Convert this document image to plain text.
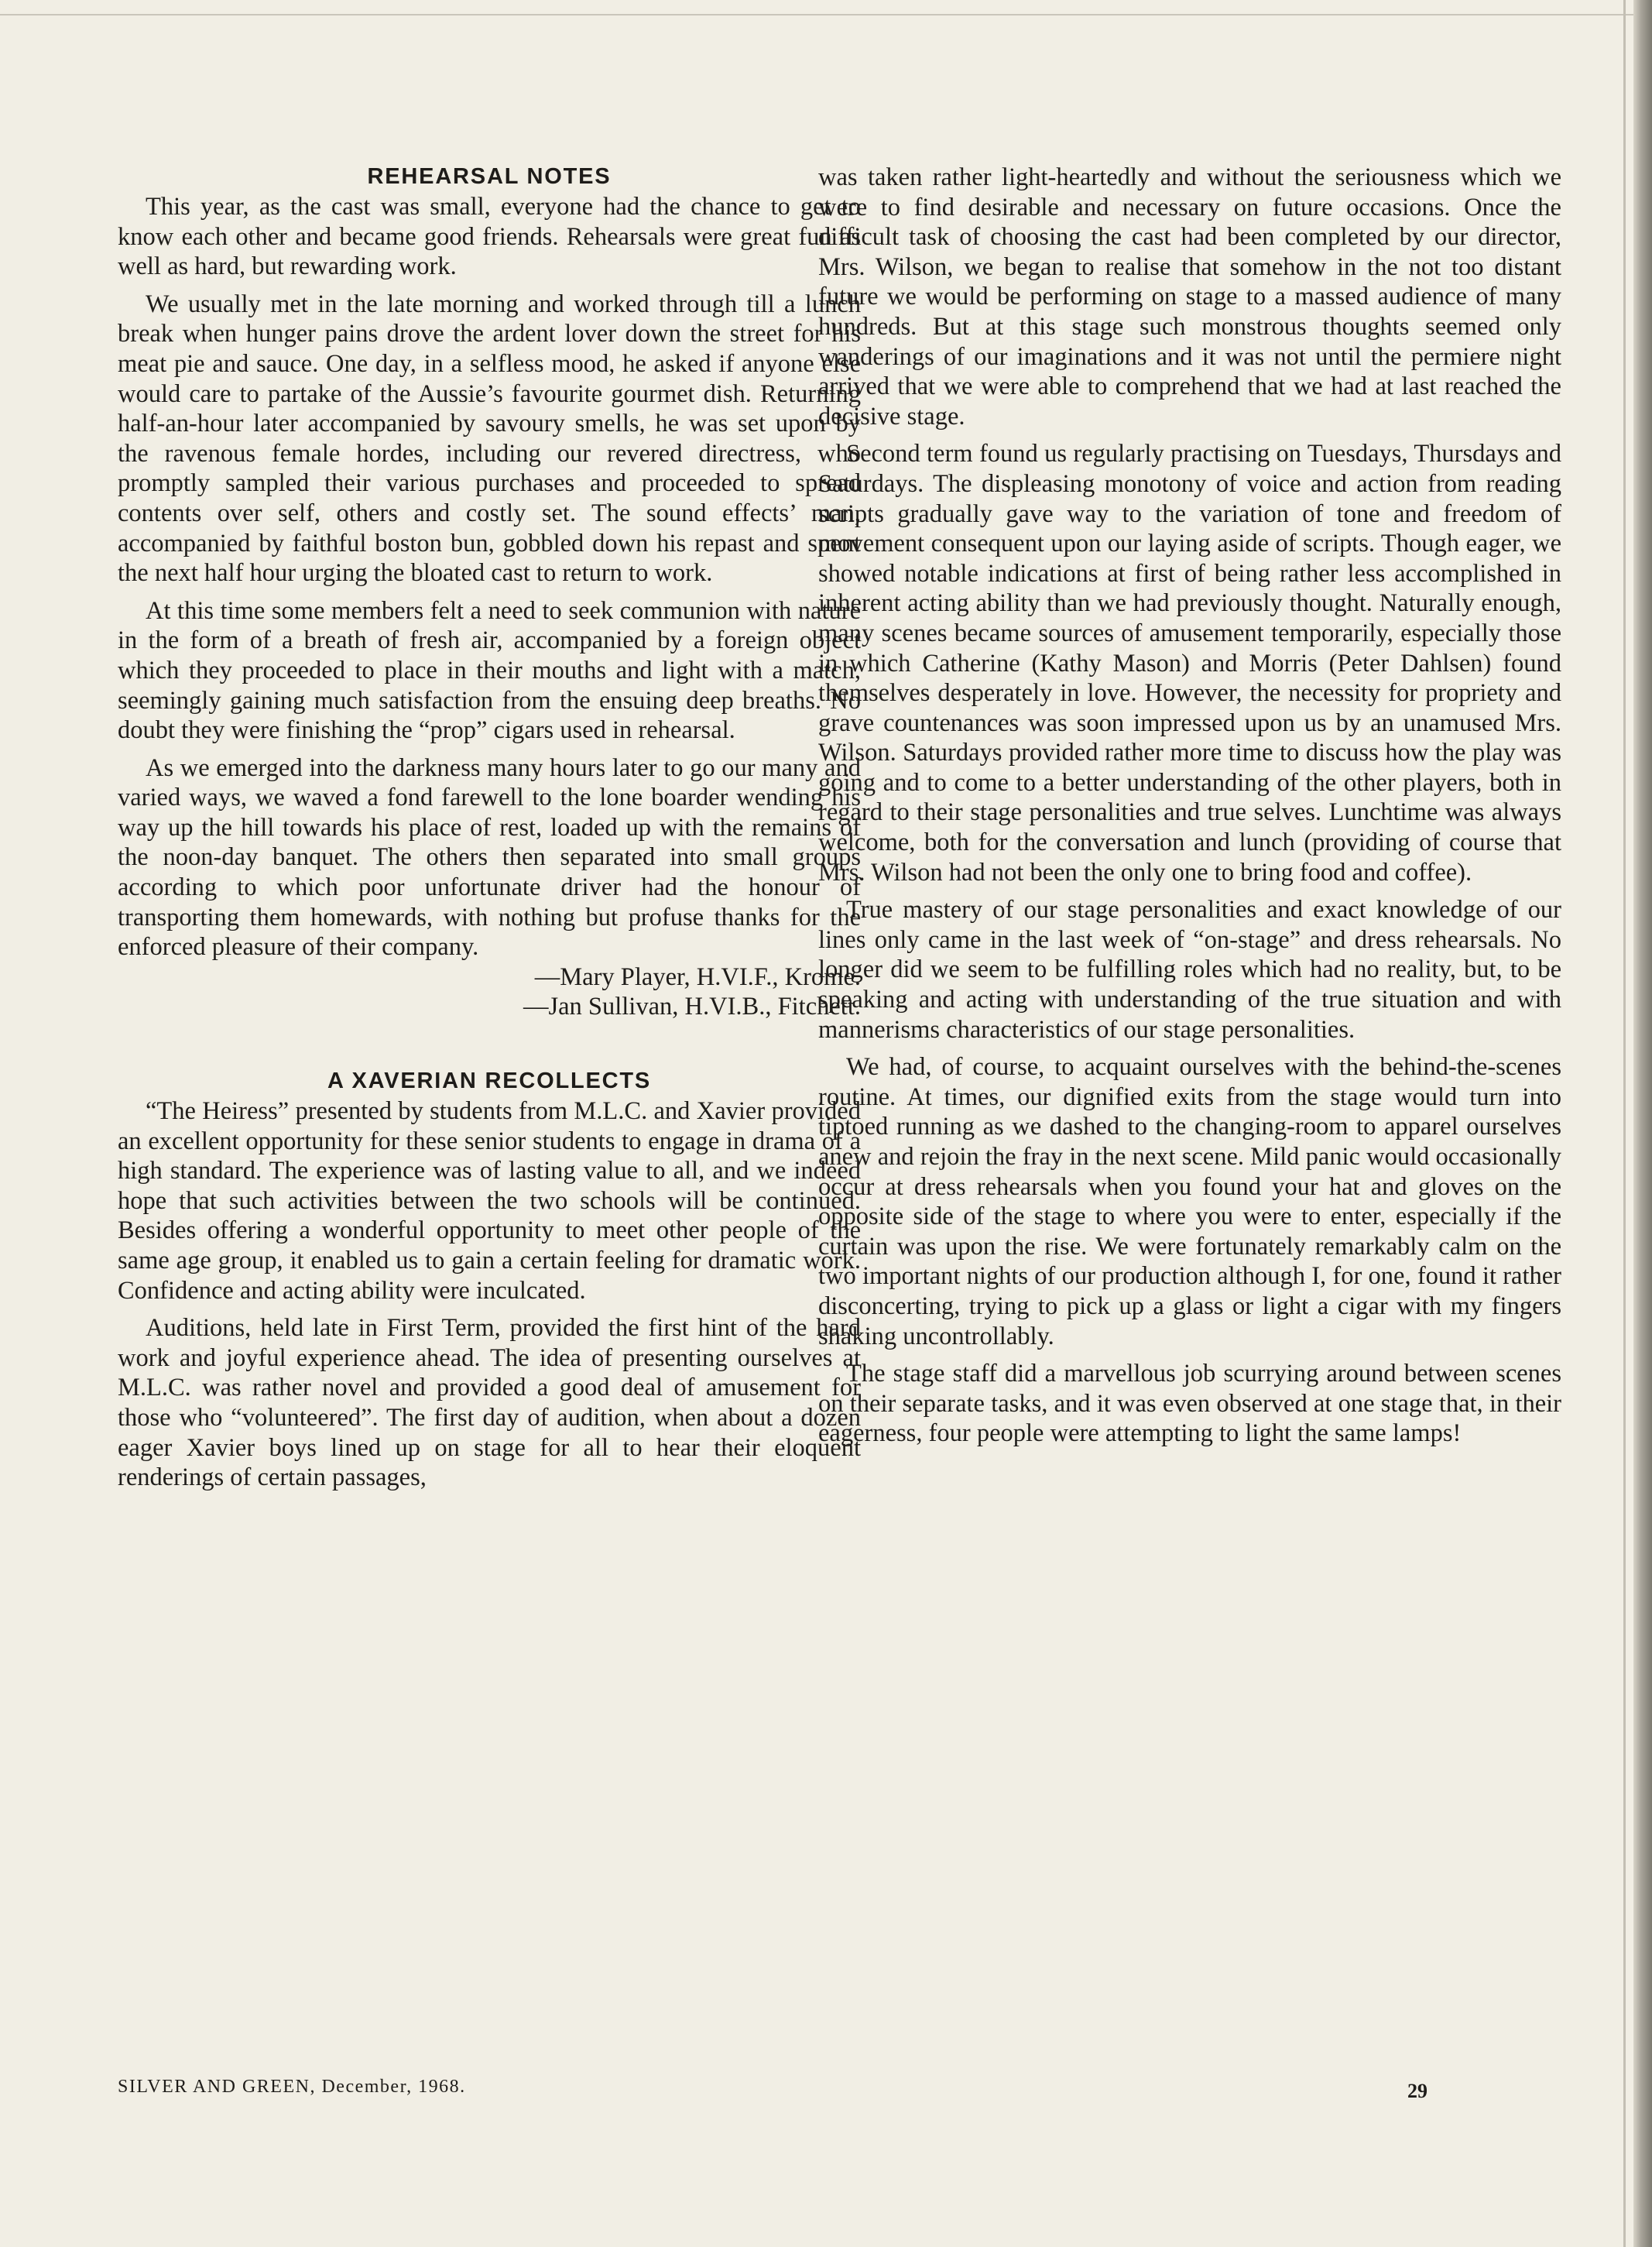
REHEARSAL NOTES

This year, as the cast was small, everyone had the chance to get to know each other and became good friends. Rehearsals were great fun as well as hard, but rewarding work.

We usually met in the late morning and worked through till a lunch break when hunger pains drove the ardent lover down the street for his meat pie and sauce. One day, in a selfless mood, he asked if anyone else would care to partake of the Aussie’s favourite gourmet dish. Returning half-an-hour later accompanied by savoury smells, he was set upon by the ravenous female hordes, including our revered directress, who promptly sampled their various purchases and proceeded to spread contents over self, others and costly set. The sound effects’ man, accompanied by faithful boston bun, gobbled down his repast and spent the next half hour urging the bloated cast to return to work.

At this time some members felt a need to seek communion with nature in the form of a breath of fresh air, accompanied by a foreign object which they proceeded to place in their mouths and light with a match, seemingly gaining much satisfaction from the ensuing deep breaths. No doubt they were finishing the “prop” cigars used in rehearsal.

As we emerged into the darkness many hours later to go our many and varied ways, we waved a fond farewell to the lone boarder wending his way up the hill towards his place of rest, loaded up with the remains of the noon-day banquet. The others then separated into small groups according to which poor unfortunate driver had the honour of transporting them homewards, with nothing but profuse thanks for the enforced pleasure of their company.

—Mary Player, H.VI.F., Krome.
—Jan Sullivan, H.VI.B., Fitchett.
A XAVERIAN RECOLLECTS

“The Heiress” presented by students from M.L.C. and Xavier provided an excellent opportunity for these senior students to engage in drama of a high standard. The experience was of lasting value to all, and we indeed hope that such activities between the two schools will be continued. Besides offering a wonderful opportunity to meet other people of the same age group, it enabled us to gain a certain feeling for dramatic work. Confidence and acting ability were inculcated.

Auditions, held late in First Term, provided the first hint of the hard work and joyful experience ahead. The idea of presenting ourselves at M.L.C. was rather novel and provided a good deal of amusement for those who “volunteered”. The first day of audition, when about a dozen eager Xavier boys lined up on stage for all to hear their eloquent renderings of certain passages,

was taken rather light-heartedly and without the seriousness which we were to find desirable and necessary on future occasions. Once the difficult task of choosing the cast had been completed by our director, Mrs. Wilson, we began to realise that somehow in the not too distant future we would be performing on stage to a massed audience of many hundreds. But at this stage such monstrous thoughts seemed only wanderings of our imaginations and it was not until the permiere night arrived that we were able to comprehend that we had at last reached the decisive stage.

Second term found us regularly practising on Tuesdays, Thursdays and Saturdays. The displeasing monotony of voice and action from reading scripts gradually gave way to the variation of tone and freedom of movement consequent upon our laying aside of scripts. Though eager, we showed notable indications at first of being rather less accomplished in inherent acting ability than we had previously thought. Naturally enough, many scenes became sources of amusement temporarily, especially those in which Catherine (Kathy Mason) and Morris (Peter Dahlsen) found themselves desperately in love. However, the necessity for propriety and grave countenances was soon impressed upon us by an unamused Mrs. Wilson. Saturdays provided rather more time to discuss how the play was going and to come to a better understanding of the other players, both in regard to their stage personalities and true selves. Lunchtime was always welcome, both for the conversation and lunch (providing of course that Mrs. Wilson had not been the only one to bring food and coffee).

True mastery of our stage personalities and exact knowledge of our lines only came in the last week of “on-stage” and dress rehearsals. No longer did we seem to be fulfilling roles which had no reality, but, to be speaking and acting with understanding of the true situation and with mannerisms characteristics of our stage personalities.

We had, of course, to acquaint ourselves with the behind-the-scenes routine. At times, our dignified exits from the stage would turn into tiptoed running as we dashed to the changing-room to apparel ourselves anew and rejoin the fray in the next scene. Mild panic would occasionally occur at dress rehearsals when you found your hat and gloves on the opposite side of the stage to where you were to enter, especially if the curtain was upon the rise. We were fortunately remarkably calm on the two important nights of our production although I, for one, found it rather disconcerting, trying to pick up a glass or light a cigar with my fingers shaking uncontrollably.

The stage staff did a marvellous job scurrying around between scenes on their separate tasks, and it was even observed at one stage that, in their eagerness, four people were attempting to light the same lamps!

SILVER AND GREEN, December, 1968.	29
